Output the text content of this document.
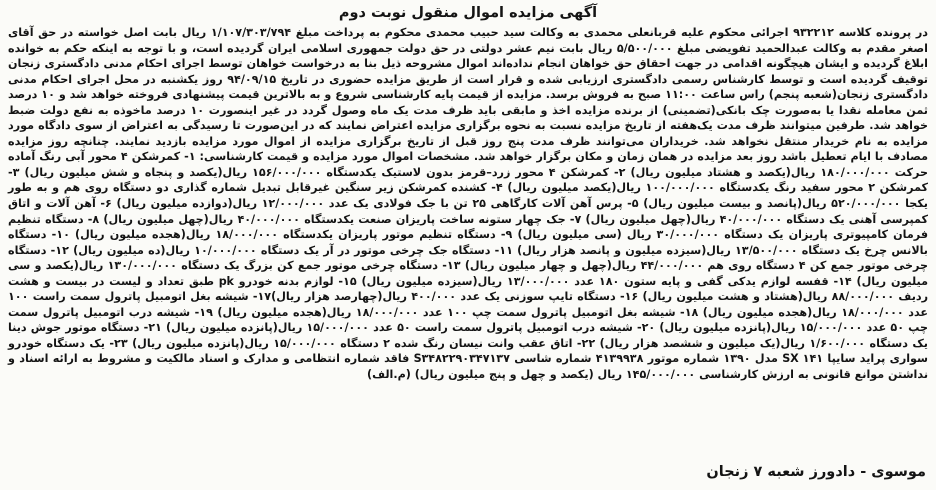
آگهی مزایده اموال منقول نوبت دوم

در پرونده کلاسه ۹۳۲۲۱۲ اجرائی محکوم علیه قربانعلی محمدی به وکالت سید حبیب محمدی محکوم به پرداخت مبلغ ۱/۱۰۷/۳۰۳/۷۹۴ ریال بابت اصل خواسته در حق آقای اصغر مقدم به وکالت عبدالحمید تفویضی مبلغ ۵/۵۰۰/۰۰۰ ریال بابت نیم عشر دولتی در حق دولت جمهوری اسلامی ایران گردیده است، و با توجه به اینکه حکم به خوانده ابلاغ گردیده و ایشان هیچگونه اقدامی در جهت احقاق حق خواهان انجام نداده‌اند اموال مشروحه ذیل بنا به درخواست خواهان توسط اجرای احکام مدنی دادگستری زنجان توقیف گردیده است و توسط کارشناس رسمی دادگستری ارزیابی شده و قرار است از طریق مزایده حضوری در تاریخ ۹۴/۰۹/۱۵ روز یکشنبه در محل اجرای احکام مدنی دادگستری زنجان(شعبه پنجم) راس ساعت ۱۱:۰۰ صبح به فروش برسد. مزایده از قیمت پایه کارشناسی شروع و به بالاترین قیمت پیشنهادی فروخته خواهد شد و ۱۰ درصد ثمن معامله نقدا یا به‌صورت چک بانکی(تضمینی) از برنده مزایده اخذ و مابقی باید ظرف مدت یک ماه وصول گردد در غیر اینصورت ۱۰ درصد ماخوذه به نفع دولت ضبط خواهد شد. طرفین میتوانند ظرف مدت یک‌هفته از تاریخ مزایده نسبت به نحوه برگزاری مزایده اعتراض نمایند که در این‌صورت تا رسیدگی به اعتراض از سوی دادگاه مورد مزایده به نام خریدار منتقل نخواهد شد. خریداران می‌توانند ظرف مدت پنج روز قبل از تاریخ برگزاری مزایده از اموال مورد مزایده بازدید نمایند. چنانچه روز مزایده مصادف با ایام تعطیل باشد روز بعد مزایده در همان زمان و مکان برگزار خواهد شد. مشخصات اموال مورد مزایده و قیمت کارشناسی: ۱- کمرشکن ۴ محور آبی رنگ آماده حرکت ۱۸۰/۰۰۰/۰۰۰ ریال(یکصد و هشتاد میلیون ریال) ۲- کمرشکن ۴ محور زرد–قرمز بدون لاستیک یکدستگاه ۱۵۶/۰۰۰/۰۰۰ ریال(یکصد و پنجاه و شش میلیون ریال) ۳- کمرشکن ۲ محور سفید رنگ یکدستگاه ۱۰۰/۰۰۰/۰۰۰ ریال(یکصد میلیون ریال) ۴- کشنده کمرشکن زیر سنگین غیرقابل تبدیل شماره گذاری دو دستگاه روی هم و به طور یکجا ۵۲۰/۰۰۰/۰۰۰ ریال(پانصد و بیست میلیون ریال) ۵- پرس آهن آلات کارگاهی ۲۵ تن با جک فولادی یک عدد ۱۲/۰۰۰/۰۰۰ ریال(دوازده میلیون ریال) ۶- آهن آلات و اتاق کمپرسی آهنی یک دستگاه ۴۰/۰۰۰/۰۰۰ ریال(چهل میلیون ریال) ۷- جک چهار ستونه ساخت پاریزان صنعت یکدستگاه ۴۰/۰۰۰/۰۰۰ ریال(چهل میلیون ریال) ۸- دستگاه تنظیم فرمان کامپیوتری پاریزان یک دستگاه ۳۰/۰۰۰/۰۰۰ ریال (سی میلیون ریال) ۹- دستگاه تنظیم موتور پاریزان یکدستگاه ۱۸/۰۰۰/۰۰۰ ریال(هجده میلیون ریال) ۱۰- دستگاه بالانس چرخ یک دستگاه ۱۳/۵۰۰/۰۰۰ ریال(سیزده میلیون و پانصد هزار ریال) ۱۱- دستگاه جک چرخی موتور در آر یک دستگاه ۱۰/۰۰۰/۰۰۰ ریال(ده میلیون ریال) ۱۲- دستگاه چرخی موتور جمع کن ۴ دستگاه روی هم ۴۴/۰۰۰/۰۰۰ ریال(چهل و چهار میلیون ریال) ۱۳- دستگاه چرخی موتور جمع کن بزرگ یک دستگاه ۱۳۰/۰۰۰/۰۰۰ ریال(یکصد و سی میلیون ریال) ۱۴- قفسه لوازم یدکی گفی و پایه ستون ۱۸۰ عدد ۱۳/۰۰۰/۰۰۰ ریال(سیزده میلیون ریال) ۱۵- لوازم بدنه خودرو pk طبق تعداد و لیست در بیست و هشت ردیف ۸۸/۰۰۰/۰۰۰ ریال(هشتاد و هشت میلیون ریال) ۱۶- دستگاه تایپ سوزنی یک عدد ۴۰۰/۰۰۰ ریال(چهارصد هزار ریال)۱۷- شیشه بغل اتومبیل پاترول سمت راست ۱۰۰ عدد ۱۸/۰۰۰/۰۰۰ ریال(هجده میلیون ریال) ۱۸- شیشه بغل اتومبیل پاترول سمت چپ ۱۰۰ عدد ۱۸/۰۰۰/۰۰۰ ریال(هجده میلیون ریال) ۱۹- شیشه درب اتومبیل پاترول سمت چپ ۵۰ عدد ۱۵/۰۰۰/۰۰۰ ریال(پانزده میلیون ریال) ۲۰- شیشه درب اتومبیل پاترول سمت راست ۵۰ عدد ۱۵/۰۰۰/۰۰۰ ریال(پانزده میلیون ریال) ۲۱- دستگاه موتور جوش دینا یک دستگاه ۱/۶۰۰/۰۰۰ ریال(یک میلیون و ششصد هزار ریال) ۲۲- اتاق عقب وانت نیسان رنگ شده ۲ دستگاه ۱۵/۰۰۰/۰۰۰ ریال(پانزده میلیون ریال) ۲۳- یک دستگاه خودرو سواری پراید سایپا SX ۱۴۱ مدل ۱۳۹۰ شماره موتور ۴۱۳۹۹۳۸ شماره شاسی S۳۴۸۲۲۹۰۳۴۷۱۳۷ فاقد شماره انتظامی و مدارک و اسناد مالکیت و مشروط به ارائه اسناد و نداشتن موانع قانونی به ارزش کارشناسی ۱۴۵/۰۰۰/۰۰۰ ریال (یکصد و چهل و پنج میلیون ریال) (م.الف)

موسوی - دادورز شعبه ۷ زنجان
